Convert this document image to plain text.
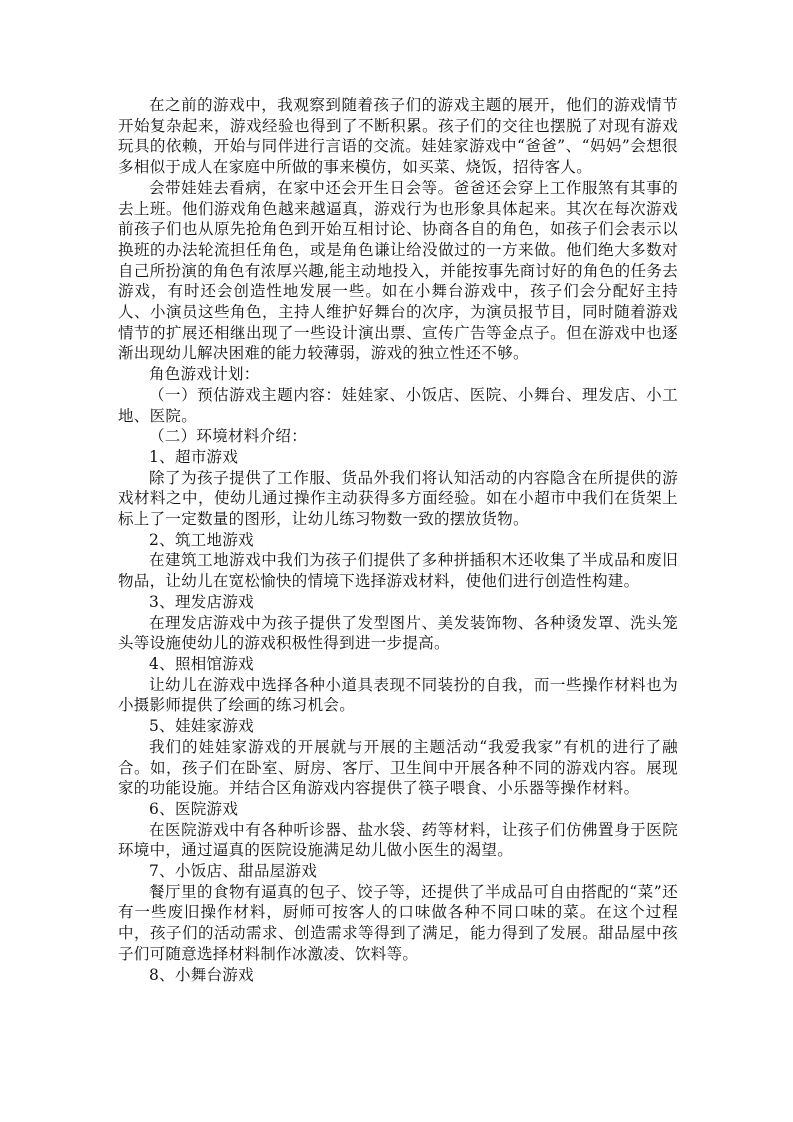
在之前的游戏中，我观察到随着孩子们的游戏主题的展开，他们的游戏情节开始复杂起来，游戏经验也得到了不断积累。孩子们的交往也摆脱了对现有游戏玩具的依赖，开始与同伴进行言语的交流。娃娃家游戏中“爸爸”、“妈妈”会想很多相似于成人在家庭中所做的事来模仿，如买菜、烧饭，招待客人。

会带娃娃去看病，在家中还会开生日会等。爸爸还会穿上工作服煞有其事的去上班。他们游戏角色越来越逼真，游戏行为也形象具体起来。其次在每次游戏前孩子们也从原先抢角色到开始互相讨论、协商各自的角色，如孩子们会表示以换班的办法轮流担任角色，或是角色谦让给没做过的一方来做。他们绝大多数对自己所扮演的角色有浓厚兴趣,能主动地投入，并能按事先商讨好的角色的任务去游戏，有时还会创造性地发展一些。如在小舞台游戏中，孩子们会分配好主持人、小演员这些角色，主持人维护好舞台的次序，为演员报节目，同时随着游戏情节的扩展还相继出现了一些设计演出票、宣传广告等金点子。但在游戏中也逐渐出现幼儿解决困难的能力较薄弱，游戏的独立性还不够。

角色游戏计划：

（一）预估游戏主题内容：娃娃家、小饭店、医院、小舞台、理发店、小工地、医院。

（二）环境材料介绍：

1、超市游戏

除了为孩子提供了工作服、货品外我们将认知活动的内容隐含在所提供的游戏材料之中，使幼儿通过操作主动获得多方面经验。如在小超市中我们在货架上标上了一定数量的图形，让幼儿练习物数一致的摆放货物。

2、筑工地游戏

在建筑工地游戏中我们为孩子们提供了多种拼插积木还收集了半成品和废旧物品，让幼儿在宽松愉快的情境下选择游戏材料，使他们进行创造性构建。

3、理发店游戏

在理发店游戏中为孩子提供了发型图片、美发装饰物、各种烫发罩、洗头笼头等设施使幼儿的游戏积极性得到进一步提高。

4、照相馆游戏

让幼儿在游戏中选择各种小道具表现不同装扮的自我，而一些操作材料也为小摄影师提供了绘画的练习机会。

5、娃娃家游戏

我们的娃娃家游戏的开展就与开展的主题活动“我爱我家”有机的进行了融合。如，孩子们在卧室、厨房、客厅、卫生间中开展各种不同的游戏内容。展现家的功能设施。并结合区角游戏内容提供了筷子喂食、小乐器等操作材料。

6、医院游戏

在医院游戏中有各种听诊器、盐水袋、药等材料，让孩子们仿佛置身于医院环境中，通过逼真的医院设施满足幼儿做小医生的渴望。

7、小饭店、甜品屋游戏

餐厅里的食物有逼真的包子、饺子等，还提供了半成品可自由搭配的“菜”还有一些废旧操作材料，厨师可按客人的口味做各种不同口味的菜。在这个过程中，孩子们的活动需求、创造需求等得到了满足，能力得到了发展。甜品屋中孩子们可随意选择材料制作冰激凌、饮料等。

8、小舞台游戏
